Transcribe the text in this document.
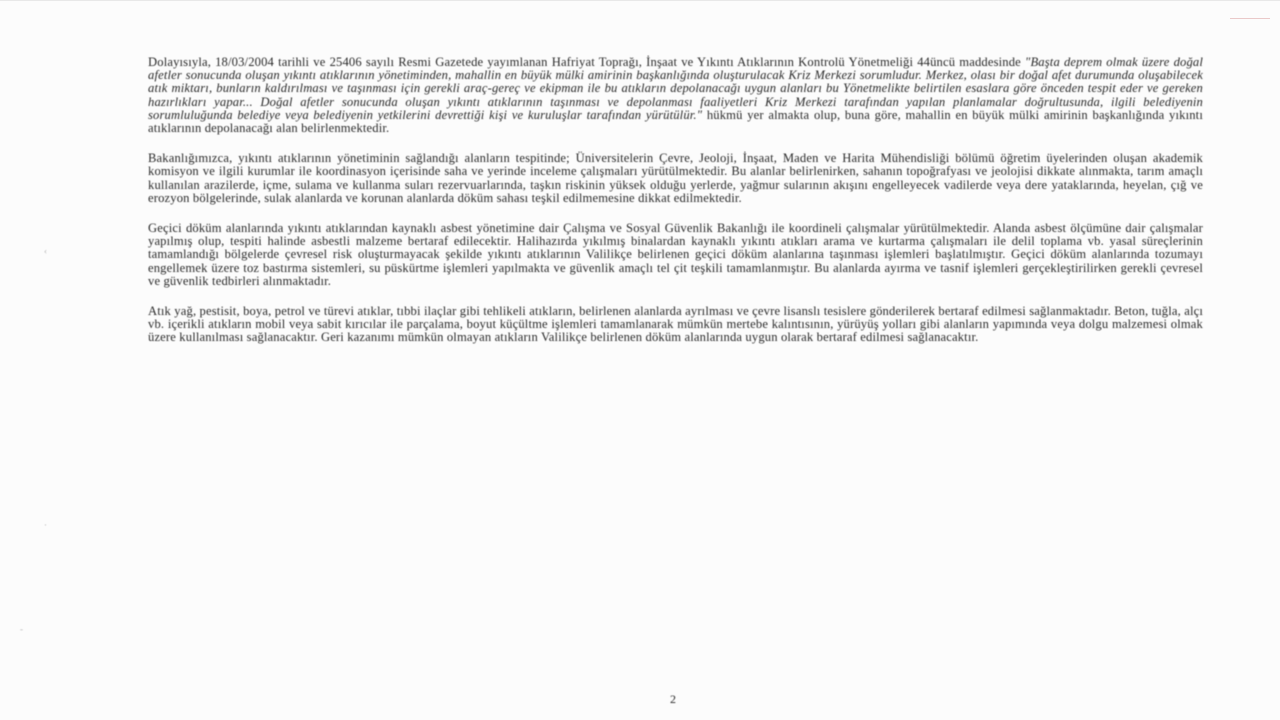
‹
·
-
Dolayısıyla, 18/03/2004 tarihli ve 25406 sayılı Resmi Gazetede yayımlanan Hafriyat Toprağı, İnşaat ve Yıkıntı Atıklarının Kontrolü Yönetmeliği 44üncü maddesinde "Başta deprem olmak üzere doğal afetler sonucunda oluşan yıkıntı atıklarının yönetiminden, mahallin en büyük mülki amirinin başkanlığında oluşturulacak Kriz Merkezi sorumludur. Merkez, olası bir doğal afet durumunda oluşabilecek atık miktarı, bunların kaldırılması ve taşınması için gerekli araç-gereç ve ekipman ile bu atıkların depolanacağı uygun alanları bu Yönetmelikte belirtilen esaslara göre önceden tespit eder ve gereken hazırlıkları yapar... Doğal afetler sonucunda oluşan yıkıntı atıklarının taşınması ve depolanması faaliyetleri Kriz Merkezi tarafından yapılan planlamalar doğrultusunda, ilgili belediyenin sorumluluğunda belediye veya belediyenin yetkilerini devrettiği kişi ve kuruluşlar tarafından yürütülür." hükmü yer almakta olup, buna göre, mahallin en büyük mülki amirinin başkanlığında yıkıntı atıklarının depolanacağı alan belirlenmektedir.
Bakanlığımızca, yıkıntı atıklarının yönetiminin sağlandığı alanların tespitinde; Üniversitelerin Çevre, Jeoloji, İnşaat, Maden ve Harita Mühendisliği bölümü öğretim üyelerinden oluşan akademik komisyon ve ilgili kurumlar ile koordinasyon içerisinde saha ve yerinde inceleme çalışmaları yürütülmektedir. Bu alanlar belirlenirken, sahanın topoğrafyası ve jeolojisi dikkate alınmakta, tarım amaçlı kullanılan arazilerde, içme, sulama ve kullanma suları rezervuarlarında, taşkın riskinin yüksek olduğu yerlerde, yağmur sularının akışını engelleyecek vadilerde veya dere yataklarında, heyelan, çığ ve erozyon bölgelerinde, sulak alanlarda ve korunan alanlarda döküm sahası teşkil edilmemesine dikkat edilmektedir.
Geçici döküm alanlarında yıkıntı atıklarından kaynaklı asbest yönetimine dair Çalışma ve Sosyal Güvenlik Bakanlığı ile koordineli çalışmalar yürütülmektedir. Alanda asbest ölçümüne dair çalışmalar yapılmış olup, tespiti halinde asbestli malzeme bertaraf edilecektir. Halihazırda yıkılmış binalardan kaynaklı yıkıntı atıkları arama ve kurtarma çalışmaları ile delil toplama vb. yasal süreçlerinin tamamlandığı bölgelerde çevresel risk oluşturmayacak şekilde yıkıntı atıklarının Valilikçe belirlenen geçici döküm alanlarına taşınması işlemleri başlatılmıştır. Geçici döküm alanlarında tozumayı engellemek üzere toz bastırma sistemleri, su püskürtme işlemleri yapılmakta ve güvenlik amaçlı tel çit teşkili tamamlanmıştır. Bu alanlarda ayırma ve tasnif işlemleri gerçekleştirilirken gerekli çevresel ve güvenlik tedbirleri alınmaktadır.
Atık yağ, pestisit, boya, petrol ve türevi atıklar, tıbbi ilaçlar gibi tehlikeli atıkların, belirlenen alanlarda ayrılması ve çevre lisanslı tesislere gönderilerek bertaraf edilmesi sağlanmaktadır. Beton, tuğla, alçı vb. içerikli atıkların mobil veya sabit kırıcılar ile parçalama, boyut küçültme işlemleri tamamlanarak mümkün mertebe kalıntısının, yürüyüş yolları gibi alanların yapımında veya dolgu malzemesi olmak üzere kullanılması sağlanacaktır. Geri kazanımı mümkün olmayan atıkların Valilikçe belirlenen döküm alanlarında uygun olarak bertaraf edilmesi sağlanacaktır.
2
